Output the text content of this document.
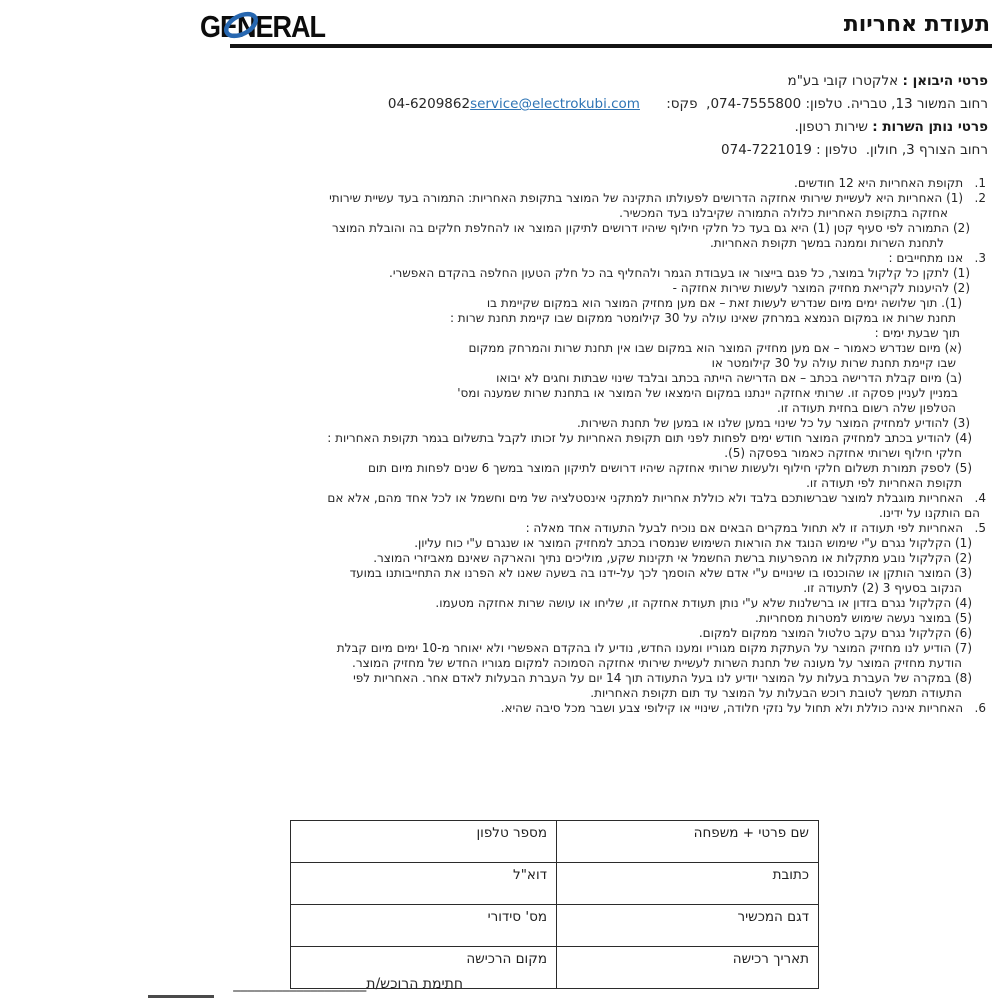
GENERAL	תעודת אחריות
פרטי היבואן : אלקטרו קובי בע"מ
רחוב המשור 13, טבריה. טלפון: 074-7555800,  פקס: 04-6209862service@electrokubi.com
פרטי נותן השרות : שירות רטפון.
רחוב הצורף 3, חולון.  טלפון : 074-7221019
1.   תקופת האחריות היא 12 חודשים.
2.   (1) האחריות היא לעשיית שירותי אחזקה הדרושים לפעולתו התקינה של המוצר בתקופת האחריות: התמורה בעד עשיית שירותי
אחזקה בתקופת האחריות כלולה התמורה שקיבלנו בעד המכשיר.
(2) התמורה לפי סעיף קטן (1) היא גם בעד כל חלקי חילוף שיהיו דרושים לתיקון המוצר או להחלפת חלקים בה והובלת המוצר
לתחנת השרות וממנה במשך תקופת האחריות.
3.   אנו מתחייבים :
(1) לתקן כל קלקול במוצר, כל פגם בייצור או בעבודת הגמר ולהחליף בה כל חלק הטעון החלפה בהקדם האפשרי.
(2) להיענות לקריאת מחזיק המוצר לעשות שירות אחזקה -
(1). תוך שלושה ימים מיום שנדרש לעשות זאת – אם מען מחזיק המוצר הוא במקום שקיימת בו
תחנת שרות או במקום הנמצא במרחק שאינו עולה על 30 קילומטר ממקום שבו קיימת תחנת שרות :
תוך שבעת ימים :
(א) מיום שנדרש כאמור – אם מען מחזיק המוצר הוא במקום שבו אין תחנת שרות והמרחק ממקום
שבו קיימת תחנת שרות עולה על 30 קילומטר או
(ב) מיום קבלת הדרישה בכתב – אם הדרישה הייתה בכתב ובלבד שינוי שבתות וחגים לא יבואו
במניין לעניין פסקה זו. שרותי אחזקה יינתנו במקום הימצאו של המוצר או בתחנת שרות שמענה ומס'
הטלפון שלה רשום בחזית תעודה זו.
(3) להודיע למחזיק המוצר על כל שינוי במען שלנו או במען של תחנת השירות.
(4) להודיע בכתב למחזיק המוצר חודש ימים לפחות לפני תום תקופת האחריות על זכותו לקבל בתשלום בגמר תקופת האחריות :
חלקי חילוף ושרותי אחזקה כאמור בפסקה (5).
(5) לספק תמורת תשלום חלקי חילוף ולעשות שרותי אחזקה שיהיו דרושים לתיקון המוצר במשך 6 שנים לפחות מיום תום
תקופת האחריות לפי תעודה זו.
4.   האחריות מוגבלת למוצר שברשותכם בלבד ולא כוללת אחריות למתקני אינסטלציה של מים וחשמל או לכל אחד מהם, אלא אם
הם הותקנו על ידינו.
5.   האחריות לפי תעודה זו לא תחול במקרים הבאים אם נוכיח לבעל התעודה אחד מאלה :
(1) הקלקול נגרם ע"י שימוש הנוגד את הוראות השימוש שנמסרו בכתב למחזיק המוצר או שנגרם ע"י כוח עליון.
(2) הקלקול נובע מתקלות או מהפרעות ברשת החשמל אי תקינות שקע, מוליכים נתיך והארקה שאינם מאביזרי המוצר.
(3) המוצר הותקן או שהוכנסו בו שינויים ע"י אדם שלא הוסמך לכך על-ידנו בה בשעה שאנו לא הפרנו את התחייבותנו במועד
הנקוב בסעיף 3 (2) לתעודה זו.
(4) הקלקול נגרם בזדון או ברשלנות שלא ע"י נותן תעודת אחזקה זו, שליחו או עושה שרות אחזקה מטעמו.
(5) במוצר נעשה שימוש למטרות מסחריות.
(6) הקלקול נגרם עקב טלטול המוצר ממקום למקום.
(7) הודיע לנו מחזיק המוצר על העתקת מקום מגוריו ומענו החדש, נודיע לו בהקדם האפשרי ולא יאוחר מ-10 ימים מיום קבלת
הודעת מחזיק המוצר על מעונה של תחנת השרות לעשיית שירותי אחזקה הסמוכה למקום מגוריו החדש של מחזיק המוצר.
(8) במקרה של העברת בעלות על המוצר יודיע לנו בעל התעודה תוך 14 יום על העברת הבעלות לאדם אחר. האחריות לפי
התעודה תמשך לטובת רוכש הבעלות על המוצר עד תום תקופת האחריות.
6.   האחריות אינה כוללת ולא תחול על נזקי חלודה, שינויי או קילופי צבע ושבר מכל סיבה שהיא.
שם פרטי + משפחה	מספר טלפון
כתובת	דוא"ל
דגם המכשיר	מס' סידורי
תאריך רכישה	מקום הרכישה
חתימת הרוכש/ת___________________
